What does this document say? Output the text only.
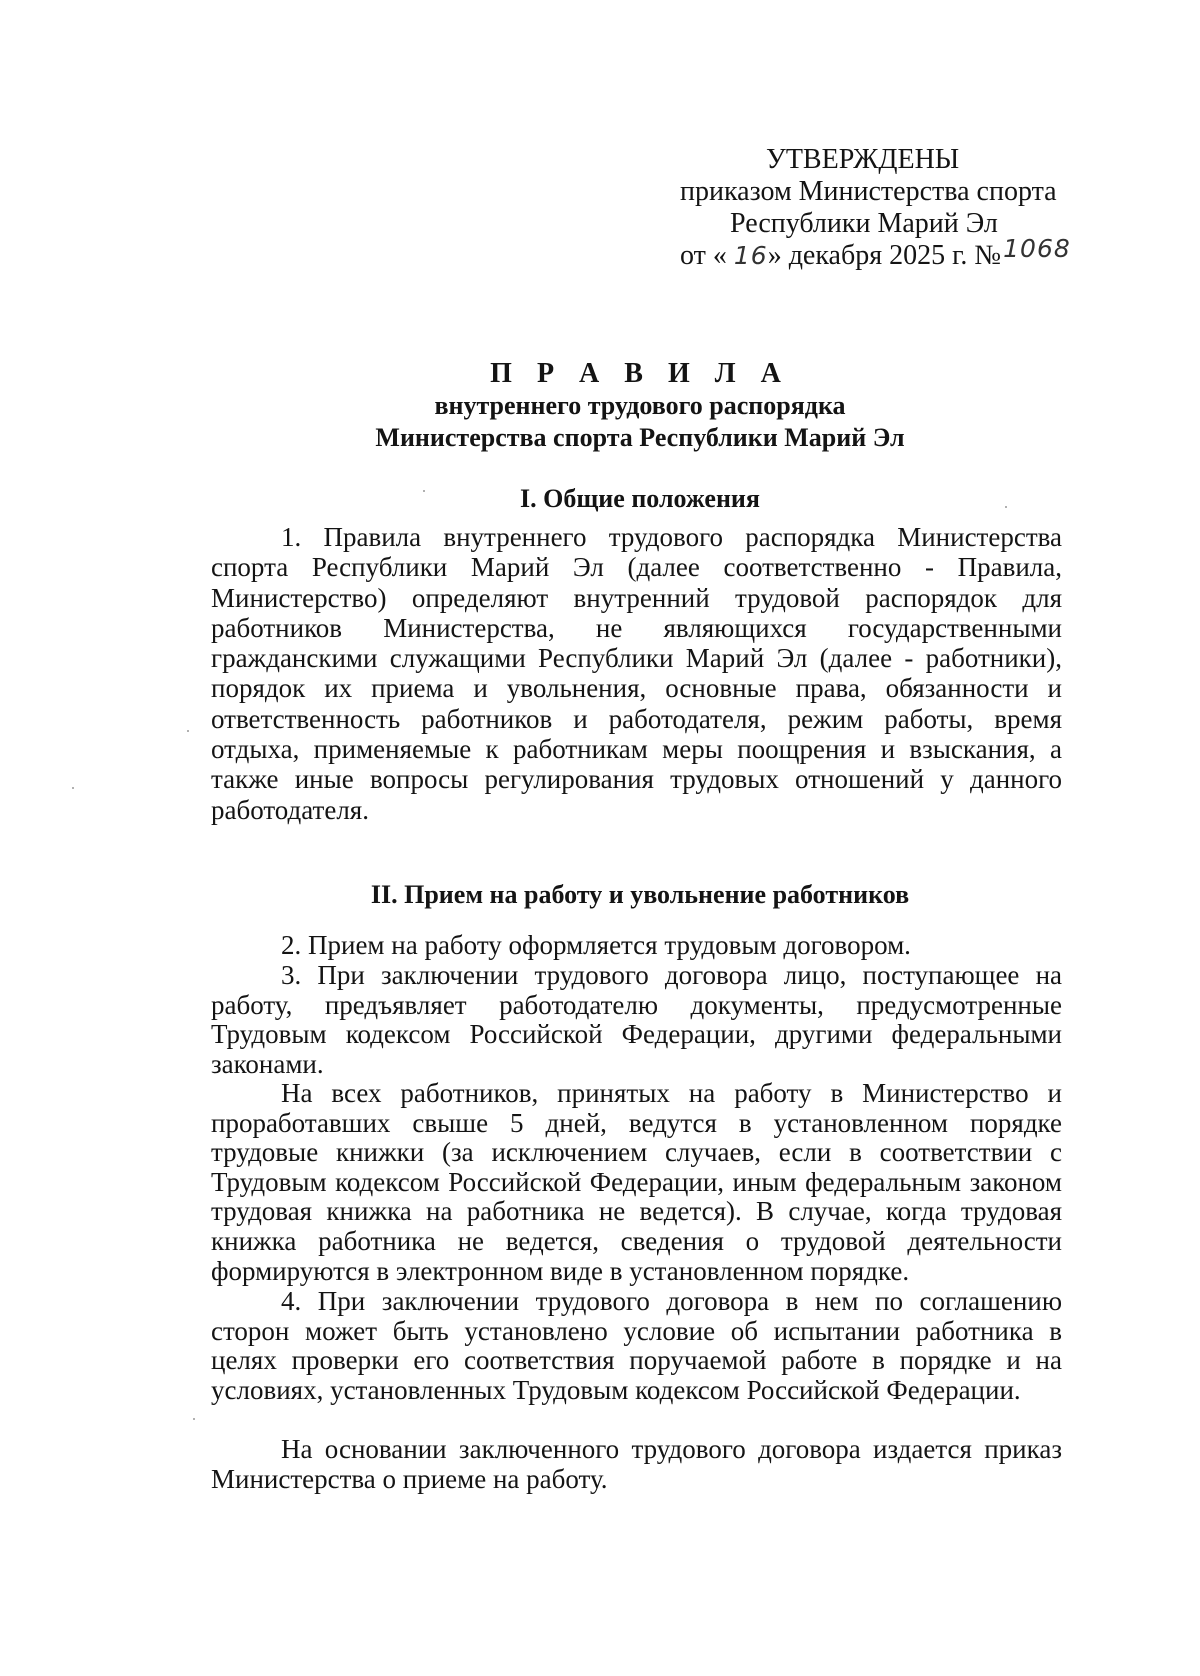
УТВЕРЖДЕНЫ
приказом Министерства спорта
Республики Марий Эл
от « 16» декабря 2025 г. №1068
П Р А В И Л А
внутреннего трудового распорядка
Министерства спорта Республики Марий Эл
I. Общие положения
1. Правила внутреннего трудового распорядка Министерства спорта Республики Марий Эл (далее соответственно - Правила, Министерство) определяют внутренний трудовой распорядок для работников Министерства, не являющихся государственными гражданскими служащими Республики Марий Эл (далее - работники), порядок их приема и увольнения, основные права, обязанности и ответственность работников и работодателя, режим работы, время отдыха, применяемые к работникам меры поощрения и взыскания, а также иные вопросы регулирования трудовых отношений у данного работодателя.
II. Прием на работу и увольнение работников
2. Прием на работу оформляется трудовым договором.
3. При заключении трудового договора лицо, поступающее на работу, предъявляет работодателю документы, предусмотренные Трудовым кодексом Российской Федерации, другими федеральными законами.
На всех работников, принятых на работу в Министерство и проработавших свыше 5 дней, ведутся в установленном порядке трудовые книжки (за исключением случаев, если в соответствии с Трудовым кодексом Российской Федерации, иным федеральным законом трудовая книжка на работника не ведется). В случае, когда трудовая книжка работника не ведется, сведения о трудовой деятельности формируются в электронном виде в установленном порядке.
4. При заключении трудового договора в нем по соглашению сторон может быть установлено условие об испытании работника в целях проверки его соответствия поручаемой работе в порядке и на условиях, установленных Трудовым кодексом Российской Федерации.
На основании заключенного трудового договора издается приказ Министерства о приеме на работу.
